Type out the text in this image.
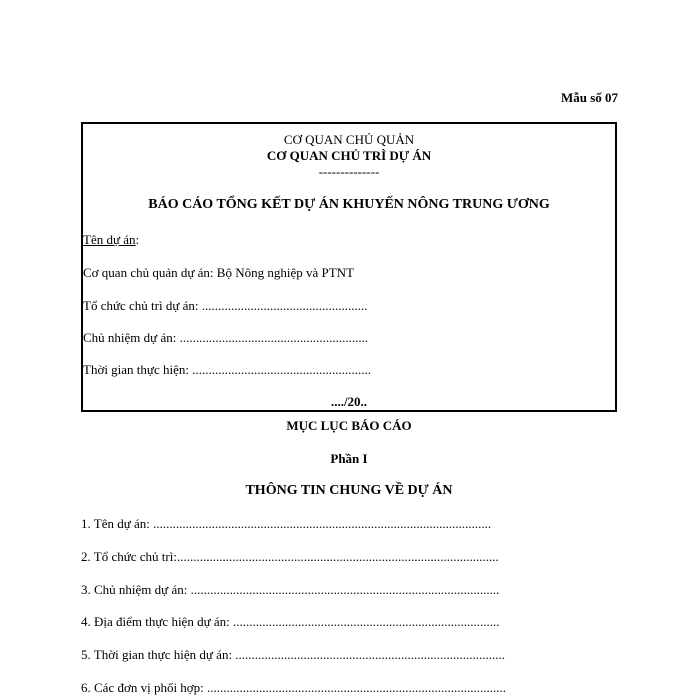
Mẫu số 07
CƠ QUAN CHỦ QUẢN
CƠ QUAN CHỦ TRÌ DỰ ÁN
--------------
BÁO CÁO TỔNG KẾT DỰ ÁN KHUYẾN NÔNG TRUNG ƯƠNG
Tên dự án:
Cơ quan chủ quản dự án: Bộ Nông nghiệp và PTNT
Tổ chức chủ trì dự án: ...................................................
Chủ nhiệm dự án: ..........................................................
Thời gian thực hiện: .......................................................
..../20..
MỤC LỤC BÁO CÁO
Phần I
THÔNG TIN CHUNG VỀ DỰ ÁN
1. Tên dự án: ........................................................................................................
2. Tổ chức chủ trì:...................................................................................................
3. Chủ nhiệm dự án: ...............................................................................................
4. Địa điểm thực hiện dự án: ..................................................................................
5. Thời gian thực hiện dự án: ...................................................................................
6. Các đơn vị phối hợp: ............................................................................................
